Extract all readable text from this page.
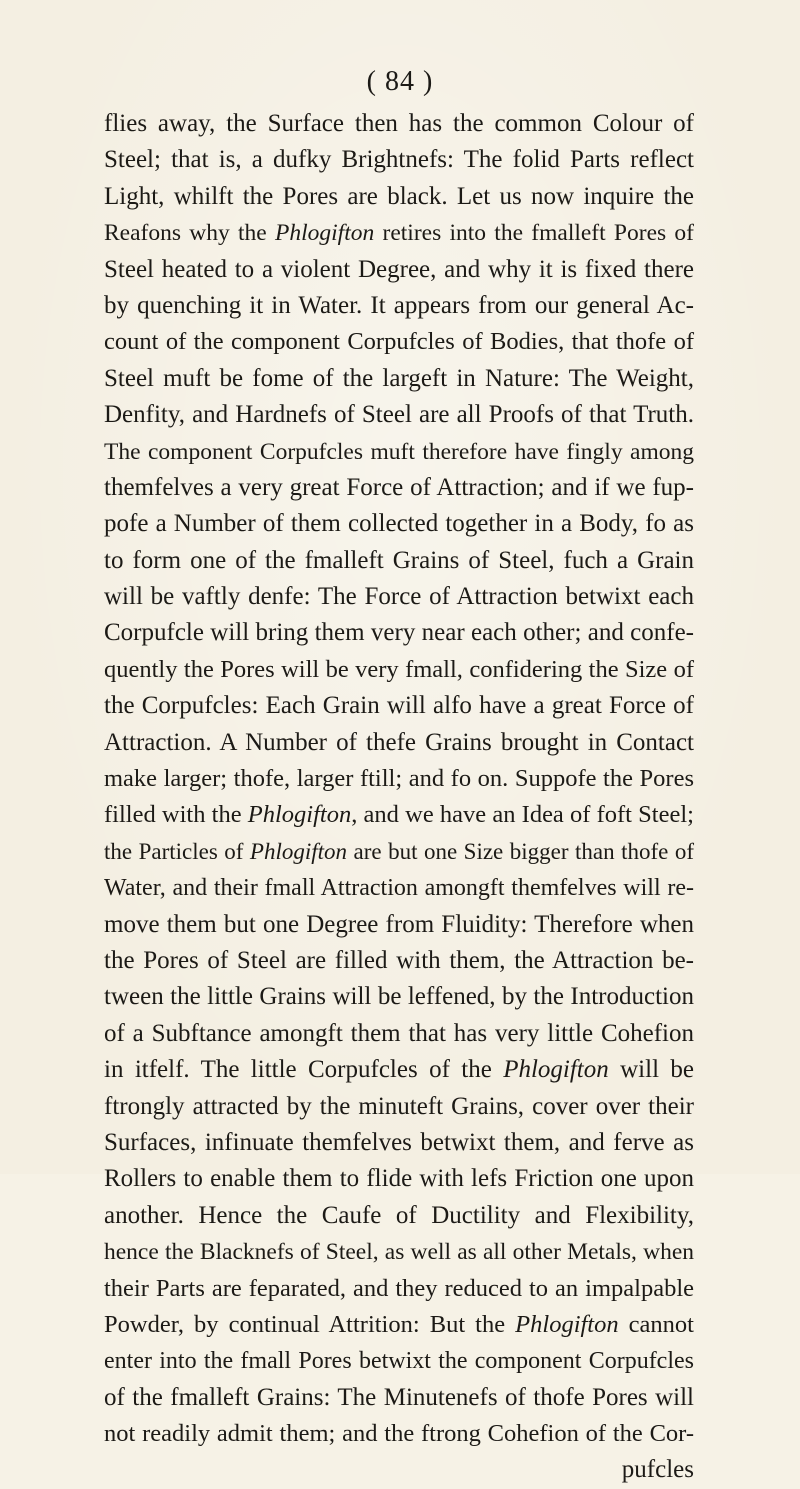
( 84 )
flies away, the Surface then has the common Colour of
Steel; that is, a dufky Brightnefs: The folid Parts reflect
Light, whilft the Pores are black. Let us now inquire the
Reafons why the Phlogifton retires into the fmalleft Pores of
Steel heated to a violent Degree, and why it is fixed there
by quenching it in Water. It appears from our general Ac-
count of the component Corpufcles of Bodies, that thofe of
Steel muft be fome of the largeft in Nature: The Weight,
Denfity, and Hardnefs of Steel are all Proofs of that Truth.
The component Corpufcles muft therefore have fingly among
themfelves a very great Force of Attraction; and if we fup-
pofe a Number of them collected together in a Body, fo as
to form one of the fmalleft Grains of Steel, fuch a Grain
will be vaftly denfe: The Force of Attraction betwixt each
Corpufcle will bring them very near each other; and confe-
quently the Pores will be very fmall, confidering the Size of
the Corpufcles: Each Grain will alfo have a great Force of
Attraction. A Number of thefe Grains brought in Contact
make larger; thofe, larger ftill; and fo on. Suppofe the Pores
filled with the Phlogifton, and we have an Idea of foft Steel;
the Particles of Phlogifton are but one Size bigger than thofe of
Water, and their fmall Attraction amongft themfelves will re-
move them but one Degree from Fluidity: Therefore when
the Pores of Steel are filled with them, the Attraction be-
tween the little Grains will be leffened, by the Introduction
of a Subftance amongft them that has very little Cohefion
in itfelf. The little Corpufcles of the Phlogifton will be
ftrongly attracted by the minuteft Grains, cover over their
Surfaces, infinuate themfelves betwixt them, and ferve as
Rollers to enable them to flide with lefs Friction one upon
another. Hence the Caufe of Ductility and Flexibility,
hence the Blacknefs of Steel, as well as all other Metals, when
their Parts are feparated, and they reduced to an impalpable
Powder, by continual Attrition: But the Phlogifton cannot
enter into the fmall Pores betwixt the component Corpufcles
of the fmalleft Grains: The Minutenefs of thofe Pores will
not readily admit them; and the ftrong Cohefion of the Cor-
pufcles
